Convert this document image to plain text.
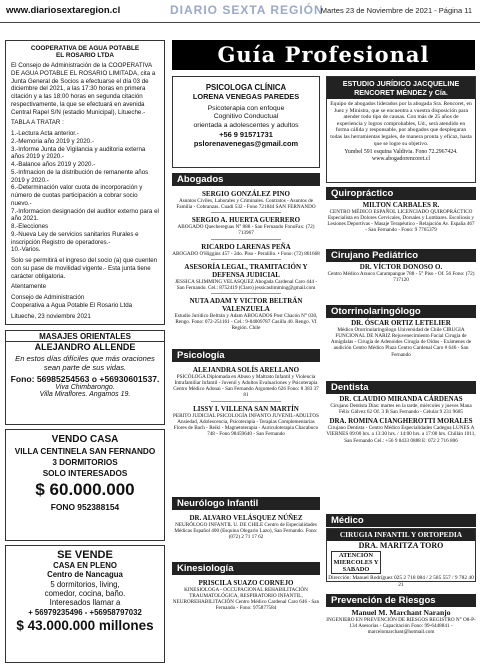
www.diariosextaregion.cl	DIARIO SEXTA REGIÓN
Martes 23 de Noviembre de 2021 - Página 11
COOPERATIVA DE AGUA POTABLE
EL ROSARIO LTDA

El Consejo de Administración de la COOPERATIVA DE AGUA POTABLE EL ROSARIO LIMITADA, cita a Junta General de Socios a efectuarse el día 03 de diciembre del 2021, a las 17:30 horas en primera citación y a las 18:00 horas en segunda citación respectivamente, la que se efectuará en avenida Central Rapel S/N (estadio Municipal), Litueche.-

TABLA A TRATAR :

1.-Lectura Acta anterior.-

2.-Memoria año 2019 y 2020.-

3.-Informe Junta de Vigilancia y auditoria externa años 2019 y 2020.-

4.-Balance años 2019 y 2020.-

5.-Infmacion de la distribución de remanente años 2019 y 2020.-

6.-Determinación valor cuota de incorporación y número de cuotas participación a cobrar socio nuevo.-

7.-Informacion designación del auditor externo para el año 2021.

8.-Elecciones

9.-Nueva Ley de servicios sanitarios Rurales e inscripción Registro de operadores.-

10.-Varios.

Solo se permitirá el ingreso del socio (a) que cuenten con su pase de movilidad vigente.- Esta junta tiene carácter obligatoria.

Atentamente

Consejo de Administración

Cooperativa a Agua Potable El Rosario Ltda

Litueche, 23 noviembre 2021

MASAJES ORIENTALES
ALEJANDRO ALLENDE
En estos días difíciles que más oraciones sean parte de sus vidas.
Fono: 56985254563 o +56930601537.
Viva Chimbarongo.
Villa Miraflores. Angamos 19.
VENDO CASA
VILLA CENTINELA SAN FERNANDO
3 DORMITORIOS
SOLO INTERESADOS
$ 60.000.000
FONO 952388154
SE VENDE
CASA EN PLENO
Centro de Nancagua
5 dormitorios, living,
comedor, cocina, baño.
Interesados llamar a
+ 56979235496 - +56958797032
$ 43.000.000 millones
Guía Profesional
PSICOLOGA CLÍNICA
LORENA VENEGAS PAREDES
Psicoterapia con enfoque
Cognitivo Conductual
orientada a adolescentes y adultos
+56 9 91571731
pslorenavenegas@gmail.com
Abogados
SERGIO GONZÁLEZ PINO
Asuntos Civiles, Laborales y Criminales. Contratos - Asuntos de Familia - Cobranzas. Cuadi 532 - Fono 721844 SAN FERNANDO
SERGIO A. HUERTA GUERRERO
ABOGADO Quechereguas N° 888 - San Fernando FonoFax: (72) 713967
RICARDO LARENAS PEÑA
ABOGADO O'Higgins 457 - 2do. Piso - Peralillo. • Fono: (72) 861668
ASESORÍA LEGAL, TRAMITACIÓN Y DEFENSA JUDICIAL
JESSICA SLIMMING VELASQUEZ Abogada Cardenal Caro 444 - San Fernando. Cel.: 8752419 (Claro) jessicaslimming@gmail.com
NUTA ADAM Y VICTOR BELTRÁN VALENZUELA
Estudio Jurídico Beltrán y Adam ABOGADOS Post Chacón N° 030, Rengo. Fono: 072-251161 - Cel.: 9-84009787 Casilla 40. Rengo. VI Región. Chile
Psicología
ALEJANDRA SOLÍS ARELLANO
PSICÓLOGA Diplomada en Abuso y Maltrato Infantil y Violencia Intrafamiliar Infantil - Juvenil y Adultos Evaluaciones y Psicoterapia Centro Médico Adonai - San Fernando Argomedo 626 Fono: 8 383 37 81
LISSY I. VILLENA SAN MARTÍN
PERITO JUDICIAL PSICOLOGÍA INFANTO JUVENIL-ADULTOS Ansiedad, Adolescencia, Psicoterapia - Terapias Complementarias Flores de Bach - Reiki - Magnetoterapia - Auriculoterapia Chacabuco 748 - Fono 98459640 - San Fernando
Neurólogo Infantil
DR. ALVARO VELÁSQUEZ NÚÑEZ
NEURÓLOGO INFANTIL U. DE CHILE Centro de Especialidades Médicas Español 400 (Esquina Olegario Lazo), San Fernando. Fono: (072) 2 71 17 62
Kinesiología
PRISCILA SUAZO CORNEJO
KINESIOLOGA - OCCUPACIONAL REHABILITACIÓN TRAUMATOLÓGICA, RESPIRATORIO INFANTIL, NEUROREHABILITACIÓN Centro Médico Cardenal Caro 646 - San Fernando - Fono: 975877584
ESTUDIO JURÍDICO JACQUELINE RENCORET MÉNDEZ y Cía.
Equipo de abogados liderados por la abogada Sra. Rencoret, en Juez y Ministra, que se encuentra a vuestra disposición para atender todo tipo de causas. Con más de 25 años de experiencia y logros comprobables, Ud., será atendido en forma cálida y responsable, por abogados que desplegaran todas las herramientas legales, de manera pronta y eficaz, hasta que se logre su objetivo.
Yumbel 591 esquina Valdivia. Fono 72.2967424.
www.abogadorencoret.cl
Quiropráctico
MILTON CARBALES R.
CENTRO MÉDICO ESPAÑOL LICENCIADO QUIROPRÁCTICO Especialista en Dolores Cervicales, Dorsales y Lumbares. Escoliosis y Lesiones Deportivas - Masaje Terapéutico - Relajación Av. España 467 - San Fernando - Fono: 9 7765379
Cirujano Pediátrico
DR. VÍCTOR DONOSO O.
Centro Médico Arauco Carampangue 788 - 5° Piso - Of. 56 Fono: (72) 717120
Otorrinolaringólogo
DR. ÓSCAR ORTIZ LETELIER
Médico Otorrinolaringólogo Universidad de Chile CIRUGIA FUNCIONAL DE NARIZ Rejuvenecimiento Facial Cirugía de Amígdalas - Cirugía de Adenoides Cirugía de Oídos - Exámenes de audición Centro Médico Plaza Centro Cardenal Caro # 646 - San Fernando
Dentista
DR. CLAUDIO MIRANDA CÁRDENAS
Cirujano Dentista Días: martes en la tarde, miércoles y jueves Mana Félix Gálvez 62 Of. 3 B San Fernando - Celular 9 231 9685
DRA. ROMINA CIANGHEROTTI MORALES
Cirujano Dentista - Centro Médico Especialidades Cadegua LUNES A VIERNES 09:00 hrs. a 13:30 hrs. / 14:00 hrs. a 17:00 hrs. Chillán 1011, San Fernando Cel.: +56 9 8433 0888 E: 072 2 716 806
Médico
CIRUGIA INFANTIL Y ORTOPEDIA
DRA. MARITZA TORO
ATENCIÓN MIERCOLES Y SABADO
Dirección: Manuel Rodríguez 025 2 718 084 / 2 585 557 / 9 782 40 21
Prevención de Riesgos
Manuel M. Marchant Naranjo
INGENIERO EN PREVENCIÓN DE RIESGOS REGISTRO N° O8-P-134 Asesorías - Capacitación Fono: 99-6448841 - marcelomarchant@hotmail.com
